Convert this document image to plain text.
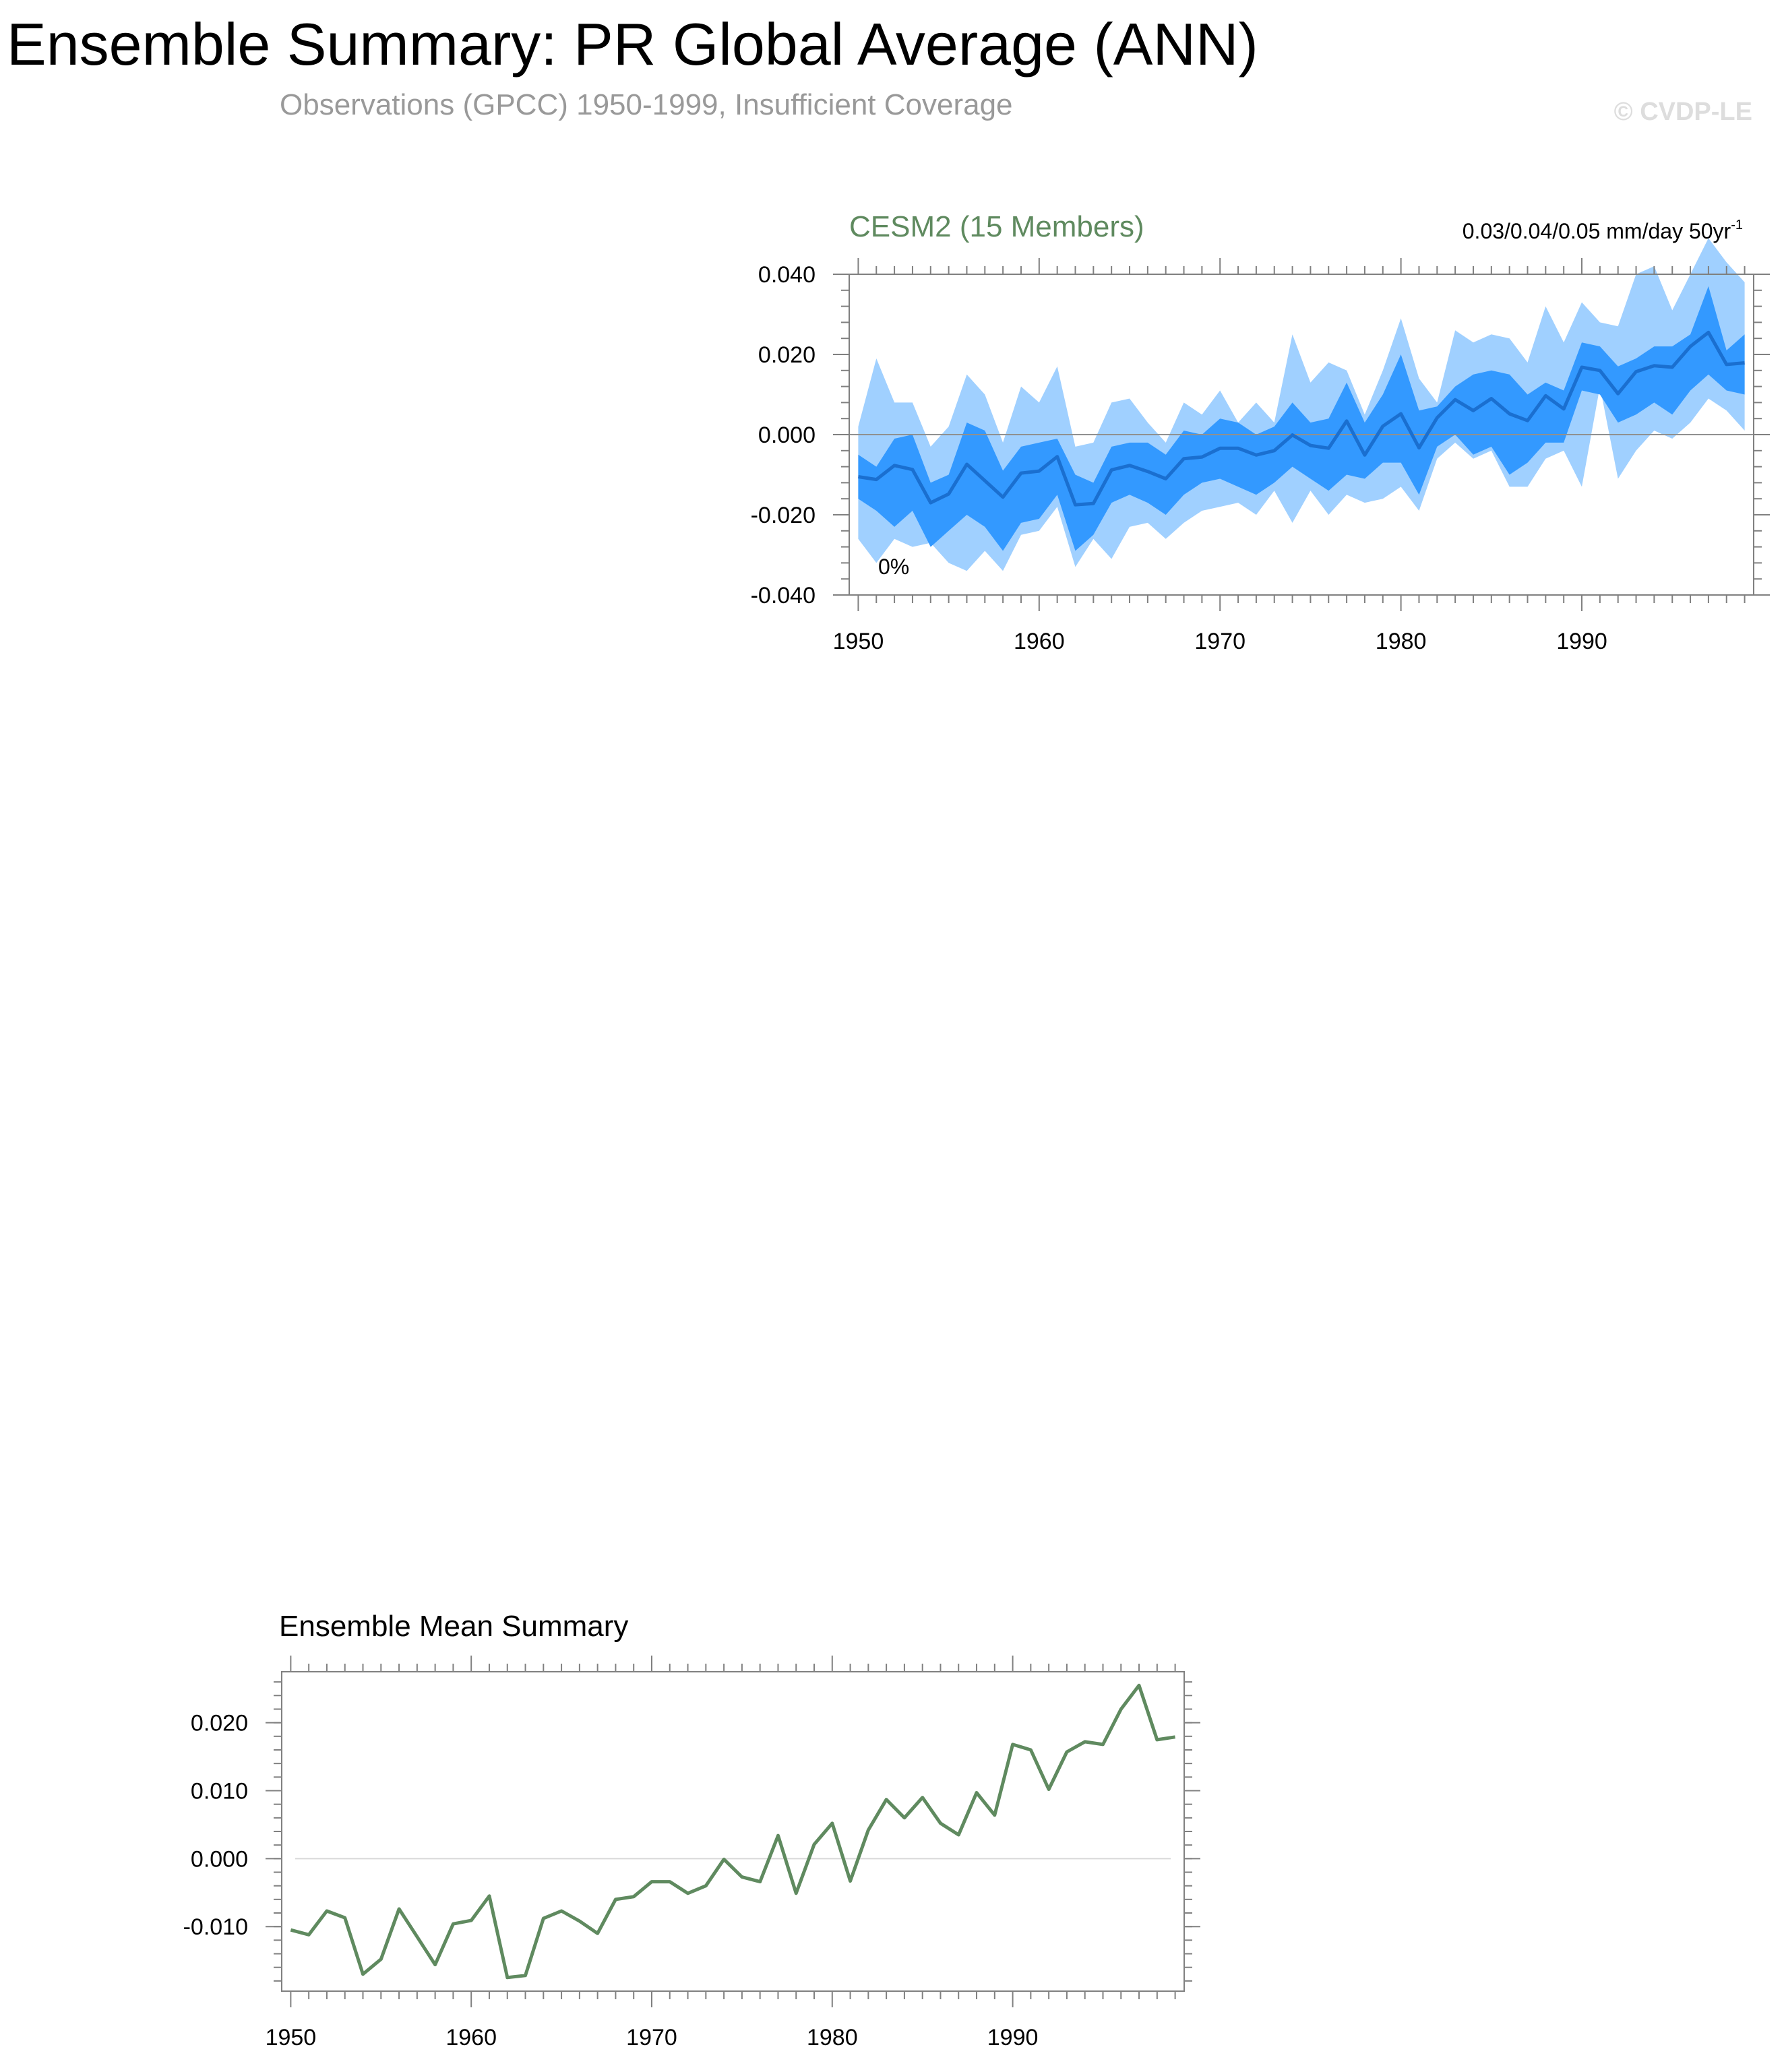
Ensemble Summary: PR Global Average (ANN)
Observations (GPCC) 1950-1999, Insufficient Coverage	© CVDP-LE
CESM2 (15 Members)	0.03/0.04/0.05 mm/day $50yr^{-1}$
1950	1960	1970	1980	1990
0.040
0.020
0.000
-0.020
-0.040
0%
Ensemble Mean Summary
1950	1960	1970	1980	1990
0.020
0.010
0.000
-0.010
